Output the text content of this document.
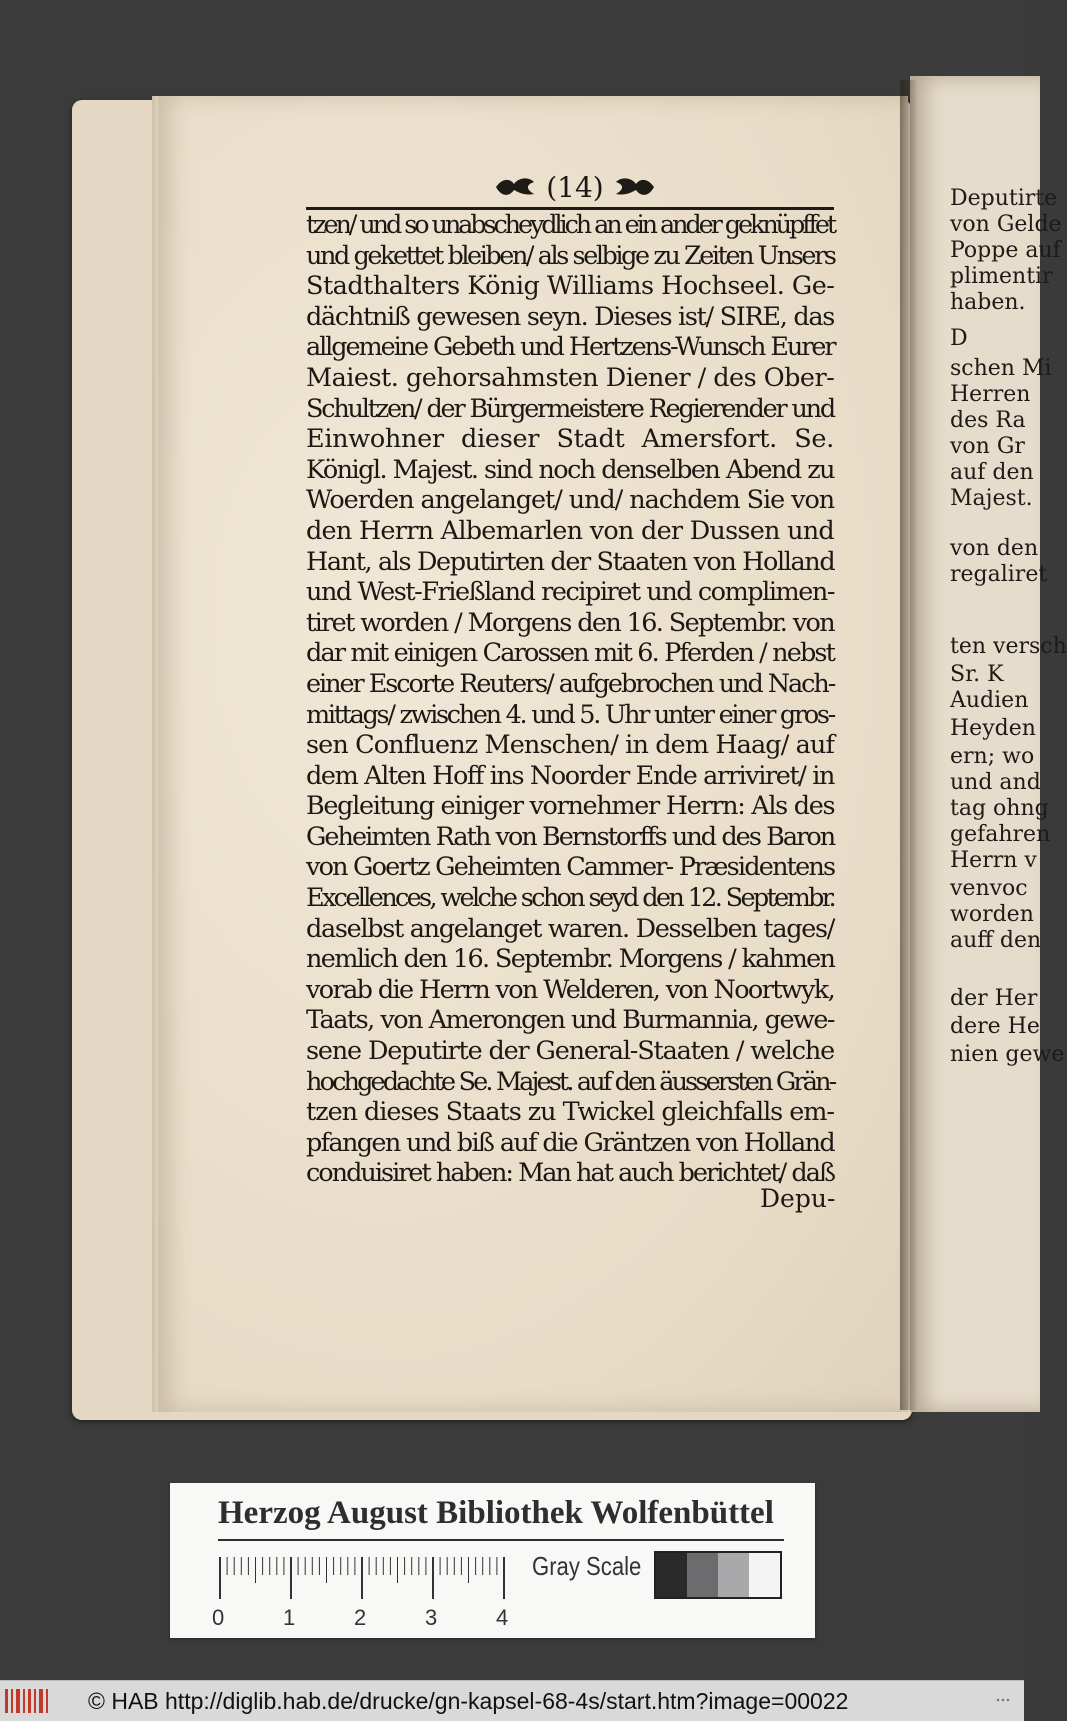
Deputirte
von Gelde
Poppe auf
plimentir
haben.
D
schen Mi
Herren
des Ra
von Gr
auf den
Majest.
von den
regaliret
ten versch
Sr. K
Audien
Heyden
ern; wo
und and
tag ohng
gefahren
Herrn v
venvoc
worden
auff den
der Her
dere He
nien gewe
(14)
tzen/ und so unabscheydlich an ein ander geknüpffet
und gekettet bleiben/ als selbige zu Zeiten Unsers
Stadthalters König Williams Hochseel. Ge-
dächtniß gewesen seyn. Dieses ist/ SIRE, das
allgemeine Gebeth und Hertzens-Wunsch Eurer
Maiest. gehorsahmsten Diener / des Ober-
Schultzen/ der Bürgermeistere Regierender und
Einwohner dieser Stadt Amersfort. Se.
Königl. Majest. sind noch denselben Abend zu
Woerden angelanget/ und/ nachdem Sie von
den Herrn Albemarlen von der Dussen und
Hant, als Deputirten der Staaten von Holland
und West-Frießland recipiret und complimen-
tiret worden / Morgens den 16. Septembr. von
dar mit einigen Carossen mit 6. Pferden / nebst
einer Escorte Reuters/ aufgebrochen und Nach-
mittags/ zwischen 4. und 5. Uhr unter einer gros-
sen Confluenz Menschen/ in dem Haag/ auf
dem Alten Hoff ins Noorder Ende arriviret/ in
Begleitung einiger vornehmer Herrn: Als des
Geheimten Rath von Bernstorffs und des Baron
von Goertz Geheimten Cammer- Præsidentens
Excellences, welche schon seyd den 12. Septembr.
daselbst angelanget waren. Desselben tages/
nemlich den 16. Septembr. Morgens / kahmen
vorab die Herrn von Welderen, von Noortwyk,
Taats, von Amerongen und Burmannia, gewe-
sene Deputirte der General-Staaten / welche
hochgedachte Se. Majest. auf den äussersten Grän-
tzen dieses Staats zu Twickel gleichfalls em-
pfangen und biß auf die Gräntzen von Holland
conduisiret haben: Man hat auch berichtet/ daß
Depu-
Herzog August Bibliothek Wolfenbüttel
0	1	2	3	4
Gray Scale
© HAB http://diglib.hab.de/drucke/gn-kapsel-68-4s/start.htm?image=00022
